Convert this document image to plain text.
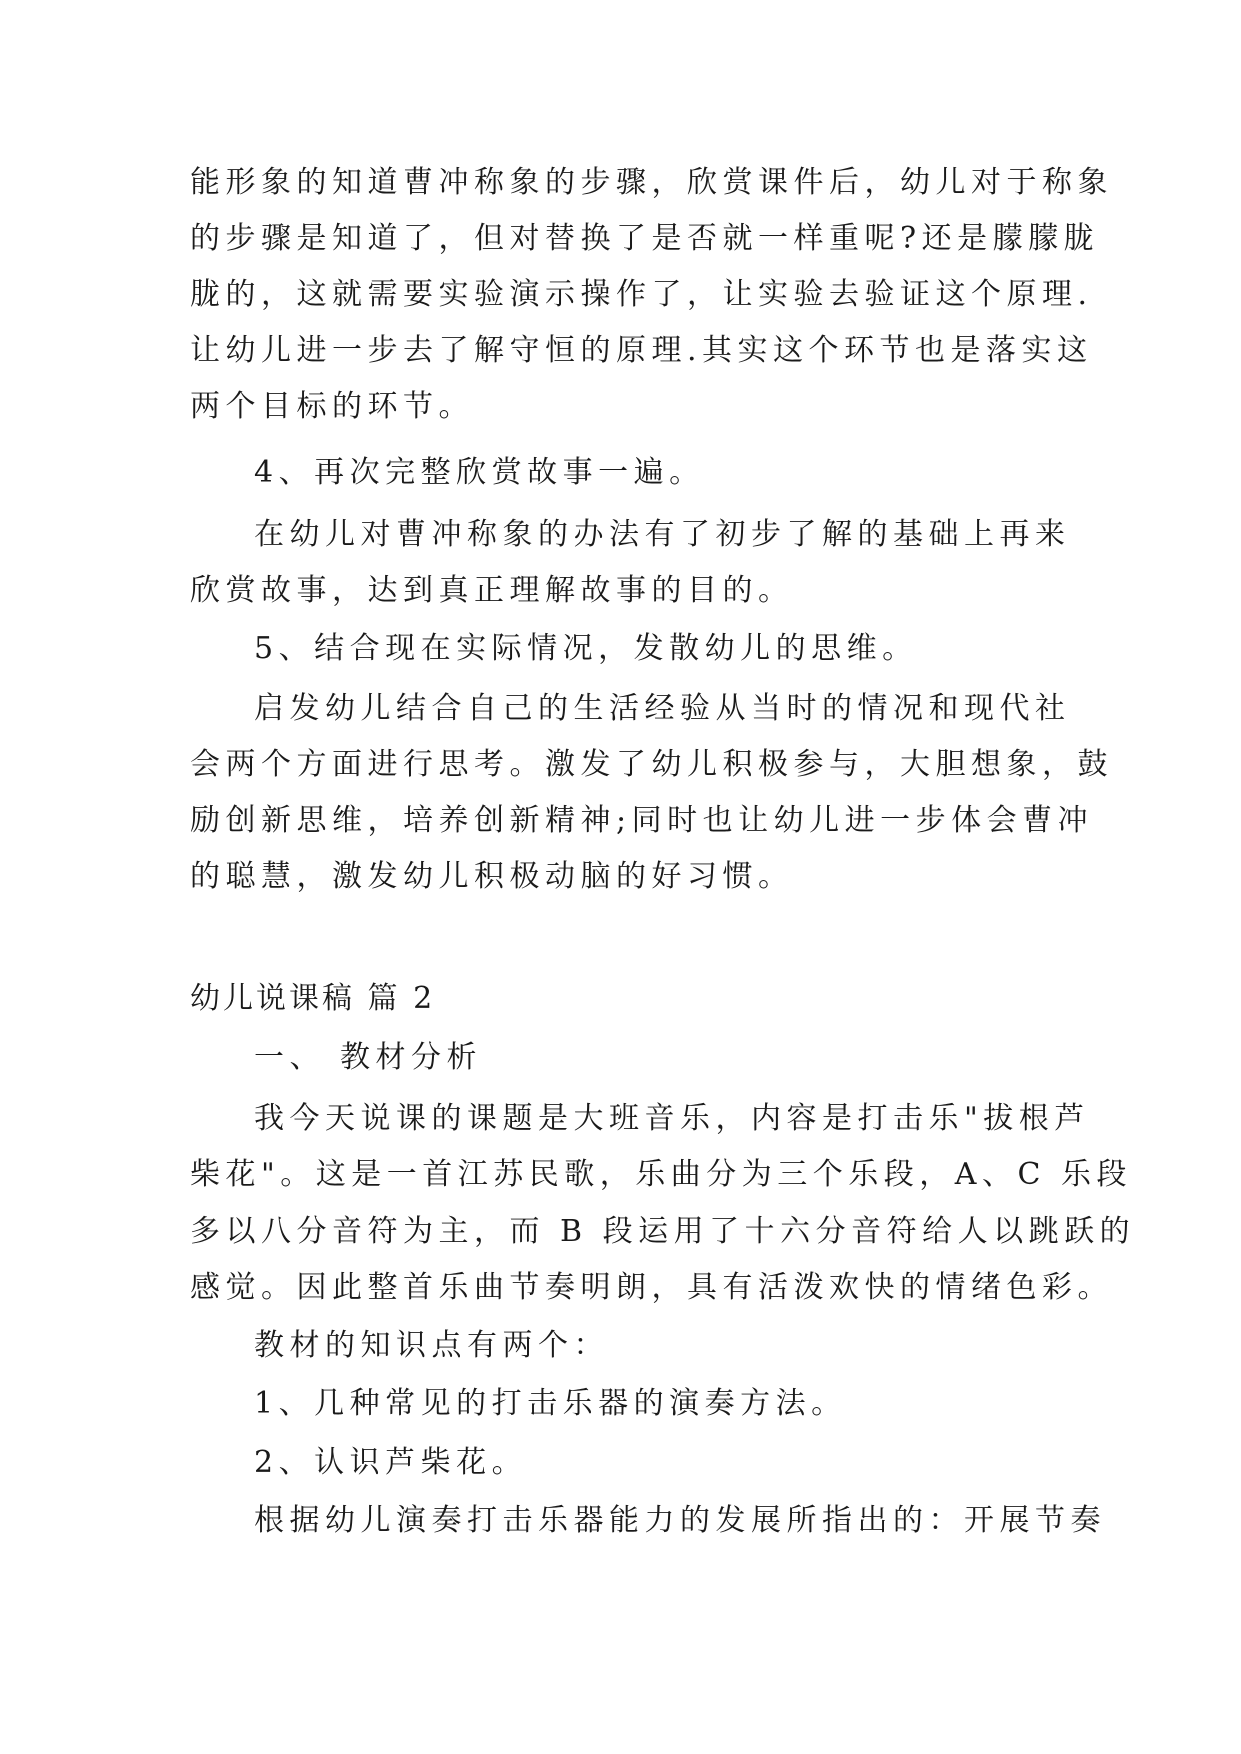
能形象的知道曹冲称象的步骤，欣赏课件后，幼儿对于称象
的步骤是知道了，但对替换了是否就一样重呢?还是朦朦胧
胧的，这就需要实验演示操作了，让实验去验证这个原理.
让幼儿进一步去了解守恒的原理.其实这个环节也是落实这
两个目标的环节。
4、再次完整欣赏故事一遍。
在幼儿对曹冲称象的办法有了初步了解的基础上再来
欣赏故事，达到真正理解故事的目的。
5、结合现在实际情况，发散幼儿的思维。
启发幼儿结合自己的生活经验从当时的情况和现代社
会两个方面进行思考。激发了幼儿积极参与，大胆想象，鼓
励创新思维，培养创新精神;同时也让幼儿进一步体会曹冲
的聪慧，激发幼儿积极动脑的好习惯。
幼儿说课稿 篇 2
一、 教材分析
我今天说课的课题是大班音乐，内容是打击乐"拔根芦
柴花"。这是一首江苏民歌，乐曲分为三个乐段，A、C 乐段
多以八分音符为主，而 B 段运用了十六分音符给人以跳跃的
感觉。因此整首乐曲节奏明朗，具有活泼欢快的情绪色彩。
教材的知识点有两个：
1、几种常见的打击乐器的演奏方法。
2、认识芦柴花。
根据幼儿演奏打击乐器能力的发展所指出的：开展节奏
